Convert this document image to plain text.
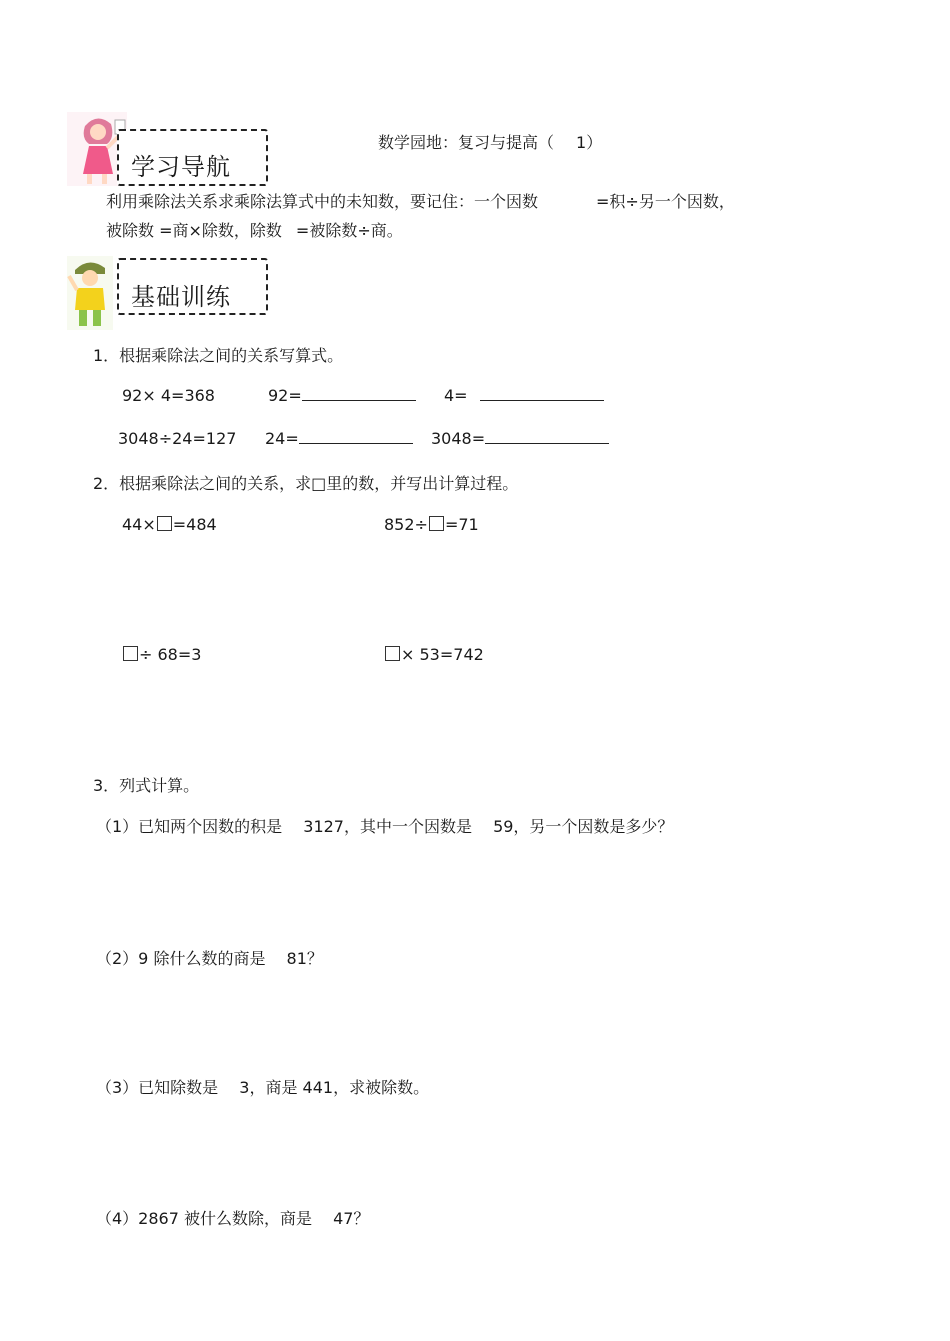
数学园地：复习与提高（ 1）
学习导航
利用乘除法关系求乘除法算式中的未知数，要记住：一个因数	=积÷另一个因数，
被除数 =商×除数，除数 =被除数÷商。
基础训练
1．根据乘除法之间的关系写算式。
92× 4=368	92=	4=
3048÷24=127 24=	3048=
2．根据乘除法之间的关系，求□里的数，并写出计算过程。
44× =484	852÷ =71
÷ 68=3	× 53=742
3．列式计算。
（1）已知两个因数的积是　 3127，其中一个因数是　 59，另一个因数是多少？
（2）9 除什么数的商是　 81？
（3）已知除数是　 3，商是 441，求被除数。
（4）2867 被什么数除，商是　 47？
